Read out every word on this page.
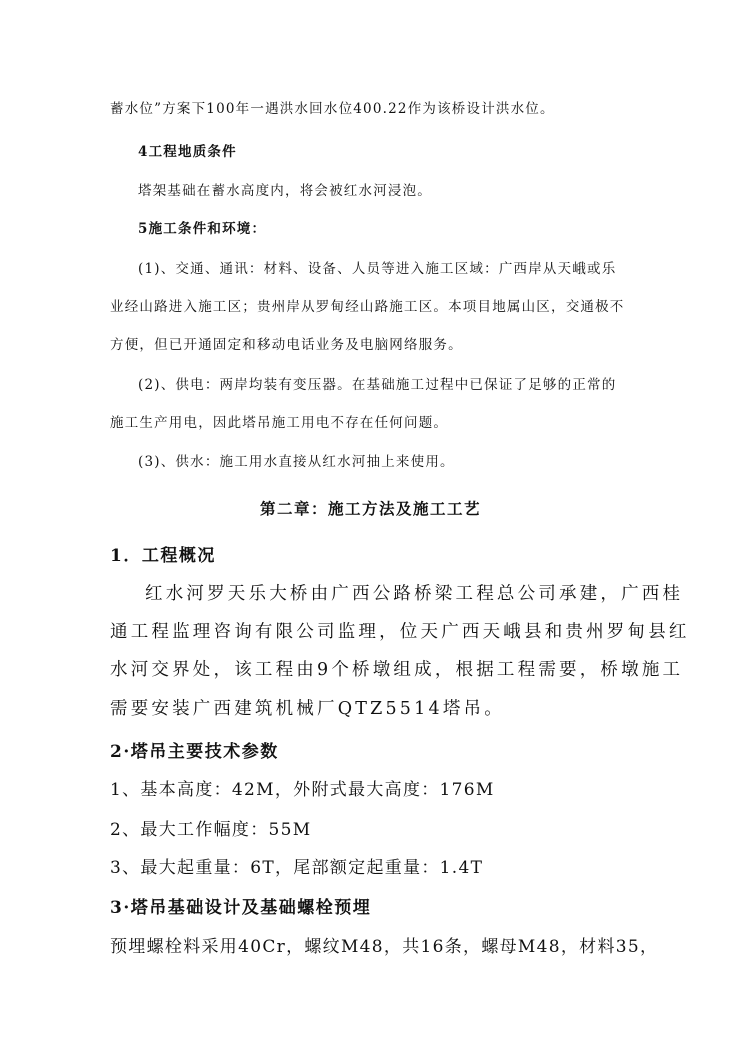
蓄水位”方案下100年一遇洪水回水位400.22作为该桥设计洪水位。

4工程地质条件

塔架基础在蓄水高度内，将会被红水河浸泡。

5施工条件和环境：

(1)、交通、通讯：材料、设备、人员等进入施工区域：广西岸从天峨或乐

业经山路进入施工区；贵州岸从罗甸经山路施工区。本项目地属山区，交通极不

方便，但已开通固定和移动电话业务及电脑网络服务。

(2)、供电：两岸均装有变压器。在基础施工过程中已保证了足够的正常的

施工生产用电，因此塔吊施工用电不存在任何问题。

(3)、供水：施工用水直接从红水河抽上来使用。

第二章：施工方法及施工工艺

1．工程概况

红水河罗天乐大桥由广西公路桥梁工程总公司承建，广西桂

通工程监理咨询有限公司监理，位天广西天峨县和贵州罗甸县红

水河交界处，该工程由9个桥墩组成，根据工程需要，桥墩施工

需要安装广西建筑机械厂QTZ5514塔吊。

2·塔吊主要技术参数

1、基本高度：42M，外附式最大高度：176M

2、最大工作幅度：55M

3、最大起重量：6T，尾部额定起重量：1.4T

3·塔吊基础设计及基础螺栓预埋

预埋螺栓料采用40Cr，螺纹M48，共16条，螺母M48，材料35，
